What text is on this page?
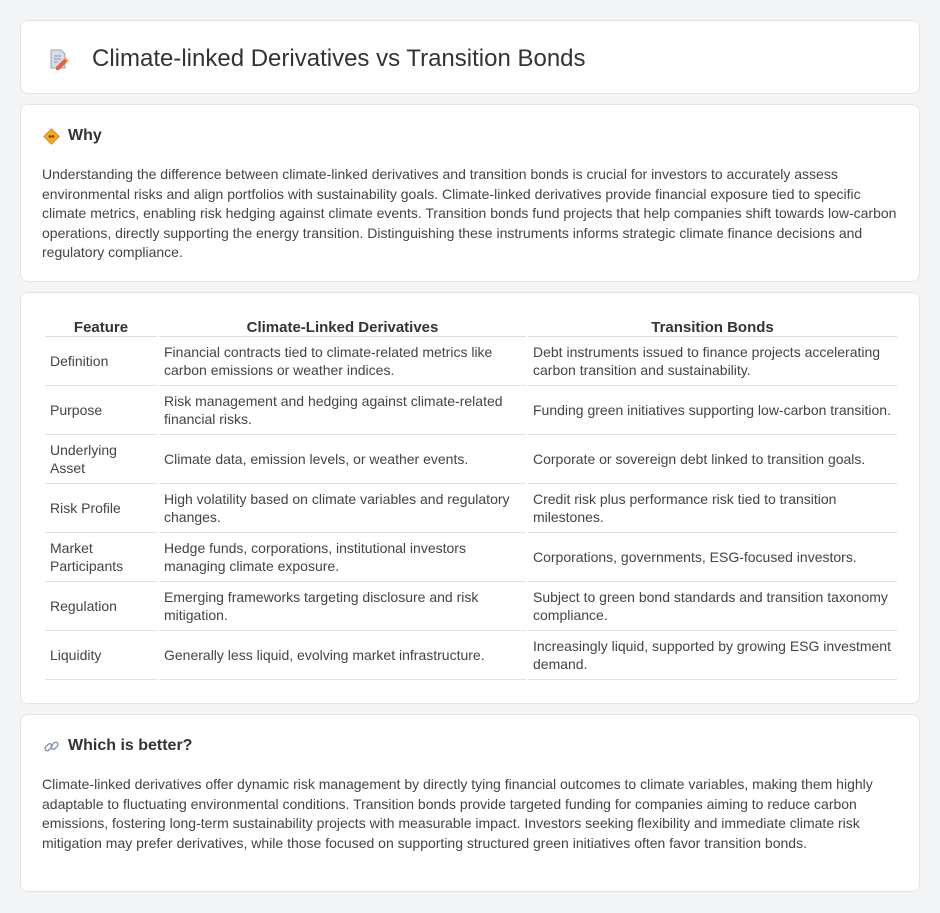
Climate-linked Derivatives vs Transition Bonds
Why

Understanding the difference between climate-linked derivatives and transition bonds is crucial for investors to accurately assess environmental risks and align portfolios with sustainability goals. Climate-linked derivatives provide financial exposure tied to specific climate metrics, enabling risk hedging against climate events. Transition bonds fund projects that help companies shift towards low-carbon operations, directly supporting the energy transition. Distinguishing these instruments informs strategic climate finance decisions and regulatory compliance.

Feature	Climate-Linked Derivatives	Transition Bonds
Definition	Financial contracts tied to climate-related metrics like carbon emissions or weather indices.	Debt instruments issued to finance projects accelerating carbon transition and sustainability.
Purpose	Risk management and hedging against climate-related financial risks.	Funding green initiatives supporting low-carbon transition.
Underlying Asset	Climate data, emission levels, or weather events.	Corporate or sovereign debt linked to transition goals.
Risk Profile	High volatility based on climate variables and regulatory changes.	Credit risk plus performance risk tied to transition milestones.
Market Participants	Hedge funds, corporations, institutional investors managing climate exposure.	Corporations, governments, ESG-focused investors.
Regulation	Emerging frameworks targeting disclosure and risk mitigation.	Subject to green bond standards and transition taxonomy compliance.
Liquidity	Generally less liquid, evolving market infrastructure.	Increasingly liquid, supported by growing ESG investment demand.
Which is better?

Climate-linked derivatives offer dynamic risk management by directly tying financial outcomes to climate variables, making them highly adaptable to fluctuating environmental conditions. Transition bonds provide targeted funding for companies aiming to reduce carbon emissions, fostering long-term sustainability projects with measurable impact. Investors seeking flexibility and immediate climate risk mitigation may prefer derivatives, while those focused on supporting structured green initiatives often favor transition bonds.
